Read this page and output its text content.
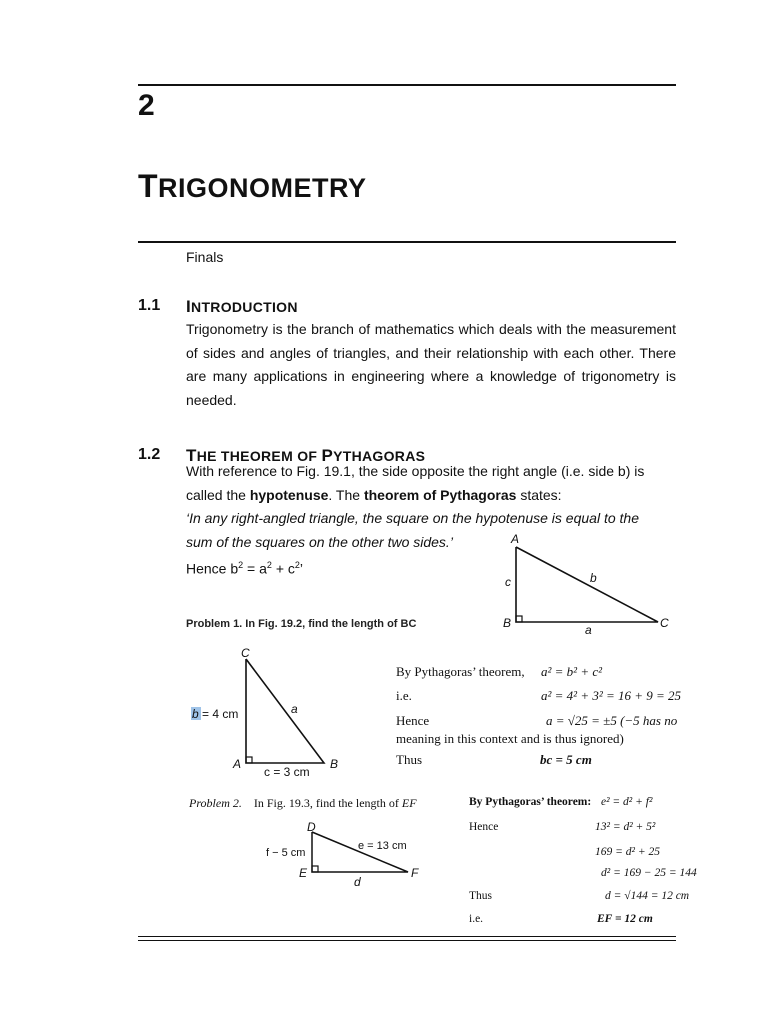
2
TRIGONOMETRY
Finals
1.1 INTRODUCTION
Trigonometry is the branch of mathematics which deals with the measurement of sides and angles of triangles, and their relationship with each other. There are many applications in engineering where a knowledge of trigonometry is needed.
1.2 THE THEOREM OF PYTHAGORAS
With reference to Fig. 19.1, the side opposite the right angle (i.e. side b) is
called the hypotenuse. The theorem of Pythagoras states:
‘In any right-angled triangle, the square on the hypotenuse is equal to the
sum of the squares on the other two sides.’
Hence $b^2 = a^2 + c^2$’
A
B	C
a
b
c
Problem 1. In Fig. 19.2, find the length of BC
C
A	B
a
b = 4 cm
c = 3 cm
By Pythagoras’ theorem, a² = b² + c²
i.e.	a² = 4² + 3² = 16 + 9 = 25
Hence	a = √25 = ±5 (−5 has no
meaning in this context and is thus ignored)
Thus	bc = 5 cm
Problem 2. In Fig. 19.3, find the length of EF
D
E	F
d
e = 13 cm
f − 5 cm
By Pythagoras’ theorem: e² = d² + f²
Hence	13² = d² + 5²
169 = d² + 25
d² = 169 − 25 = 144
Thus	d = √144 = 12 cm
i.e.	EF = 12 cm
